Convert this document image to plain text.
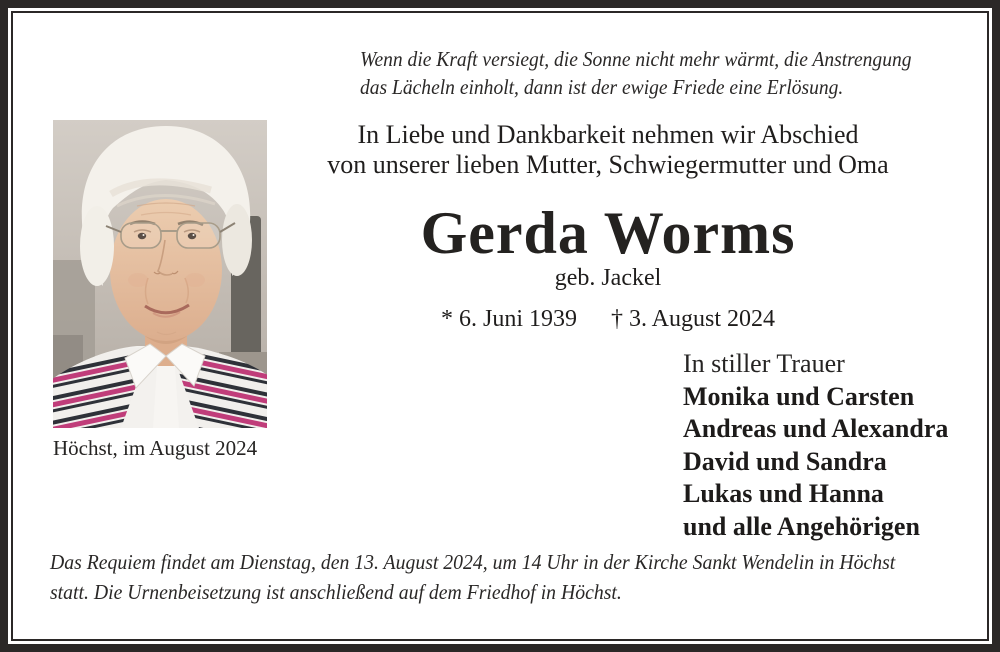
Wenn die Kraft versiegt, die Sonne nicht mehr wärmt, die Anstrengung
das Lächeln einholt, dann ist der ewige Friede eine Erlösung.
In Liebe und Dankbarkeit nehmen wir Abschied
von unserer lieben Mutter, Schwiegermutter und Oma
Gerda Worms
geb. Jackel
* 6. Juni 1939 † 3. August 2024
In stiller Trauer
Monika und Carsten
Andreas und Alexandra
David und Sandra
Lukas und Hanna
und alle Angehörigen
Höchst, im August 2024
Das Requiem findet am Dienstag, den 13. August 2024, um 14 Uhr in der Kirche Sankt Wendelin in Höchst
statt. Die Urnenbeisetzung ist anschließend auf dem Friedhof in Höchst.
